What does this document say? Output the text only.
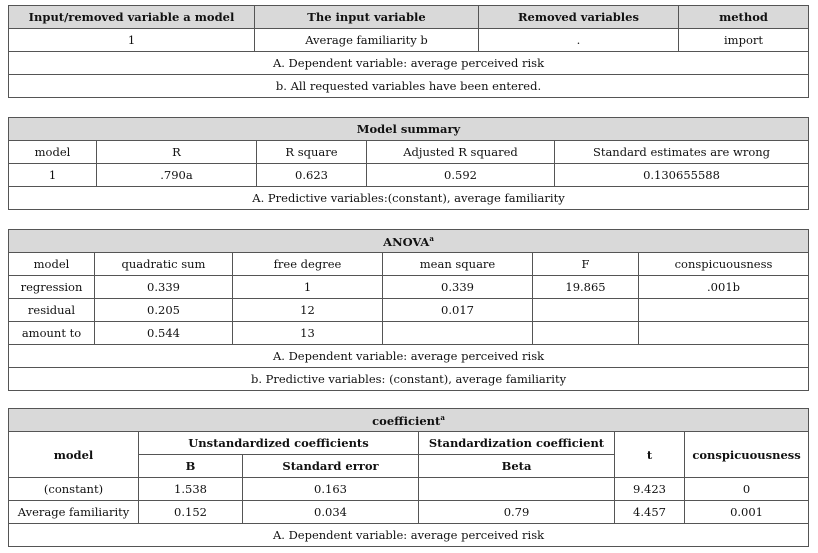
Input/removed variable a model	The input variable	Removed variables	method
1	Average familiarity b	.	import
A. Dependent variable: average perceived risk			
b. All requested variables have been entered.			
Model summary				
model	R	R square	Adjusted R squared	Standard estimates are wrong
1	.790a	0.623	0.592	0.130655588
A. Predictive variables:(constant), average familiarity				
ANOVA$^a$
model	quadratic sum	free degree	mean square	F	conspicuousness
regression	0.339	1	0.339	19.865	.001b
residual	0.205	12	0.017		
amount to	0.544	13			
A. Dependent variable: average perceived risk					
b. Predictive variables: (constant), average familiarity					
coefficient$^a$
model	Unstandardized coefficients		Standardization coefficient	t	conspicuousness
	B	Standard error	Beta		
(constant)	1.538	0.163		9.423	0
Average familiarity	0.152	0.034	0.79	4.457	0.001
A. Dependent variable: average perceived risk					
